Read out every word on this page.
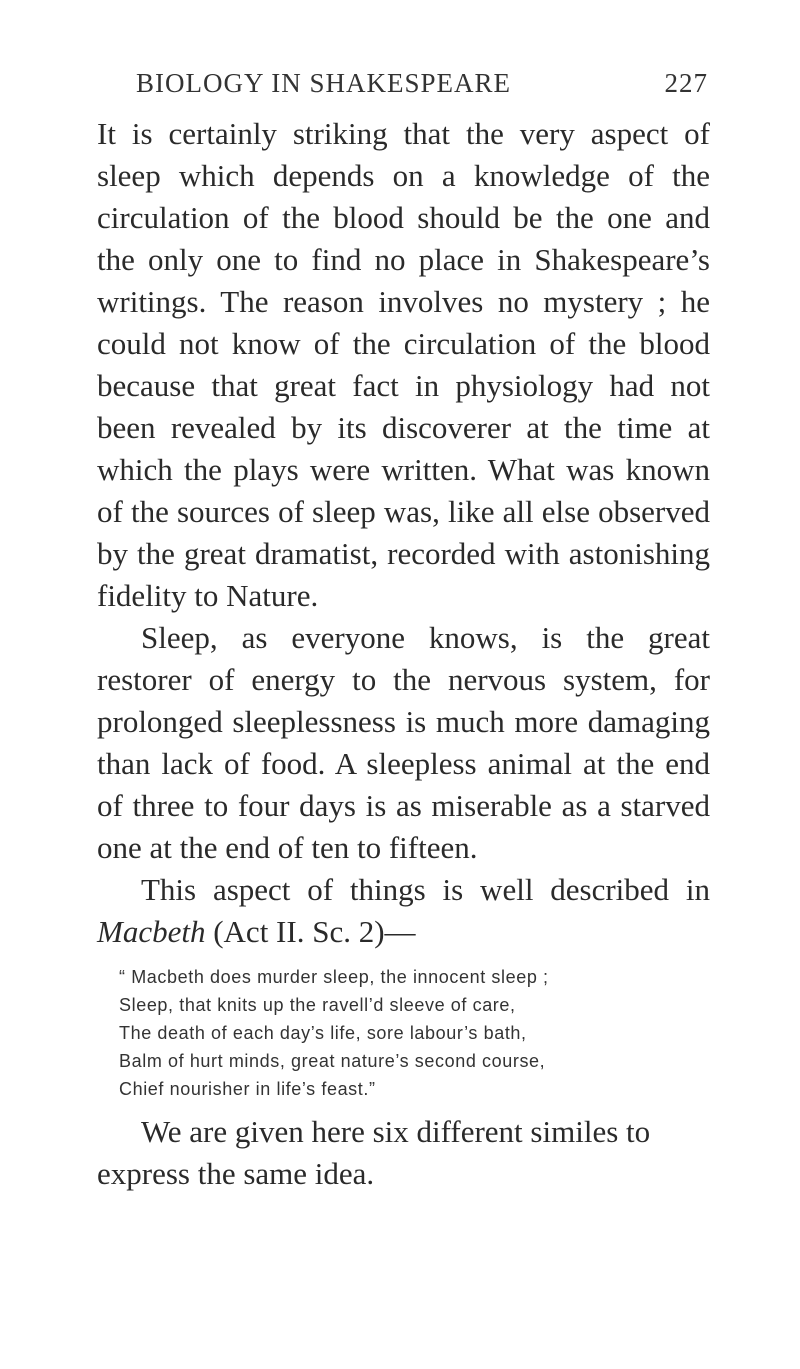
BIOLOGY IN SHAKESPEARE	227

It is certainly striking that the very aspect of sleep which depends on a knowledge of the circulation of the blood should be the one and the only one to find no place in Shakespeare’s writings. The reason involves no mystery ; he could not know of the circulation of the blood because that great fact in physiology had not been revealed by its discoverer at the time at which the plays were written. What was known of the sources of sleep was, like all else observed by the great dramatist, recorded with astonishing fidelity to Nature.

Sleep, as everyone knows, is the great restorer of energy to the nervous system, for prolonged sleeplessness is much more damaging than lack of food. A sleepless animal at the end of three to four days is as miserable as a starved one at the end of ten to fifteen.

This aspect of things is well described in Macbeth (Act II. Sc. 2)—

“ Macbeth does murder sleep, the innocent sleep ;
Sleep, that knits up the ravell’d sleeve of care,
The death of each day’s life, sore labour’s bath,
Balm of hurt minds, great nature’s second course,
Chief nourisher in life’s feast.”

We are given here six different similes to express the same idea.
